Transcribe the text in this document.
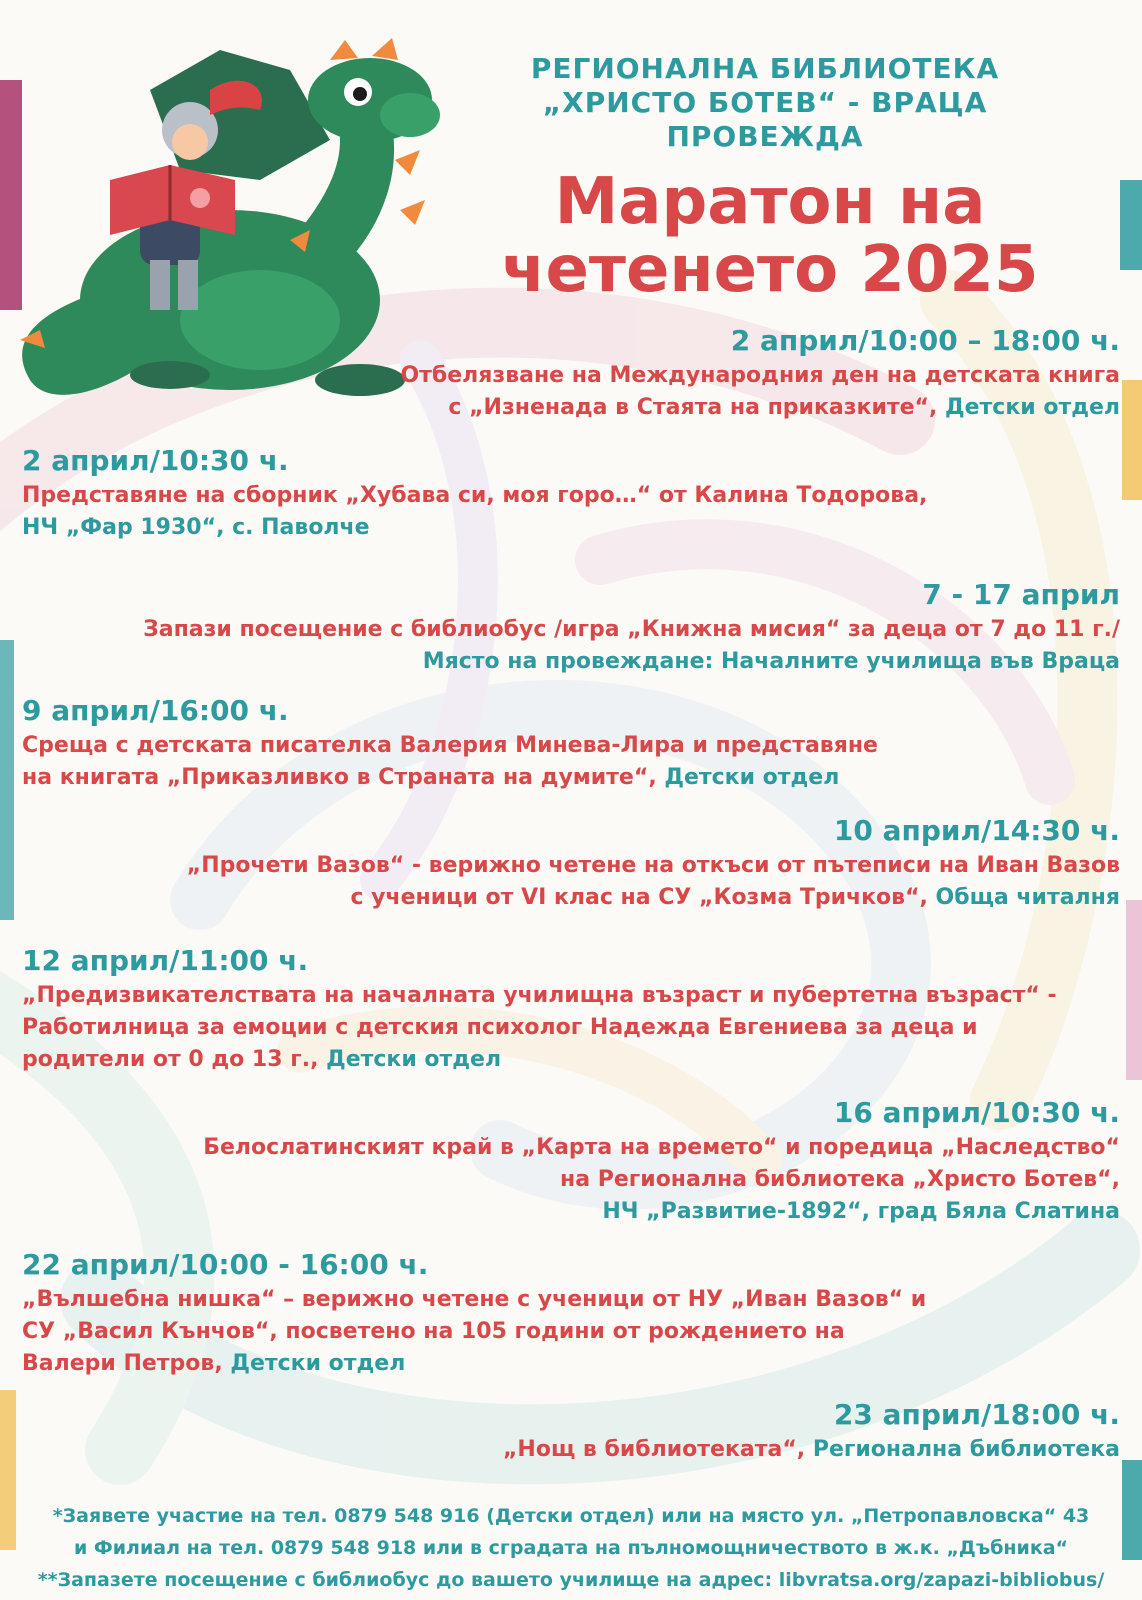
РЕГИОНАЛНА БИБЛИОТЕКА
„ХРИСТО БОТЕВ“ - ВРАЦА
ПРОВЕЖДА
Маратон на
четенето 2025
2 април/10:00 – 18:00 ч.
Отбелязване на Международния ден на детската книга
с „Изненада в Стаята на приказките“, Детски отдел
2 април/10:30 ч.
Представяне на сборник „Хубава си, моя горо…“ от Калина Тодорова,
НЧ „Фар 1930“, с. Паволче
7 - 17 април
Запази посещение с библиобус /игра „Книжна мисия“ за деца от 7 до 11 г./
Място на провеждане: Началните училища във Враца
9 април/16:00 ч.
Среща с детската писателка Валерия Минева-Лира и представяне
на книгата „Приказливко в Страната на думите“, Детски отдел
10 април/14:30 ч.
„Прочети Вазов“ - верижно четене на откъси от пътеписи на Иван Вазов
с ученици от VI клас на СУ „Козма Тричков“, Обща читалня
12 април/11:00 ч.
„Предизвикателствата на началната училищна възраст и пубертетна възраст“ -
Работилница за емоции с детския психолог Надежда Евгениева за деца и
родители от 0 до 13 г., Детски отдел
16 април/10:30 ч.
Белослатинският край в „Карта на времето“ и поредица „Наследство“
на Регионална библиотека „Христо Ботев“,
НЧ „Развитие-1892“, град Бяла Слатина
22 април/10:00 - 16:00 ч.
„Вълшебна нишка“ – верижно четене с ученици от НУ „Иван Вазов“ и
СУ „Васил Кънчов“, посветено на 105 години от рождението на
Валери Петров, Детски отдел
23 април/18:00 ч.
„Нощ в библиотеката“, Регионална библиотека
*Заявете участие на тел. 0879 548 916 (Детски отдел) или на място ул. „Петропавловска“ 43
и Филиал на тел. 0879 548 918 или в сградата на пълномощничеството в ж.к. „Дъбника“
**Запазете посещение с библиобус до вашето училище на адрес: libvratsa.org/zapazi-bibliobus/
